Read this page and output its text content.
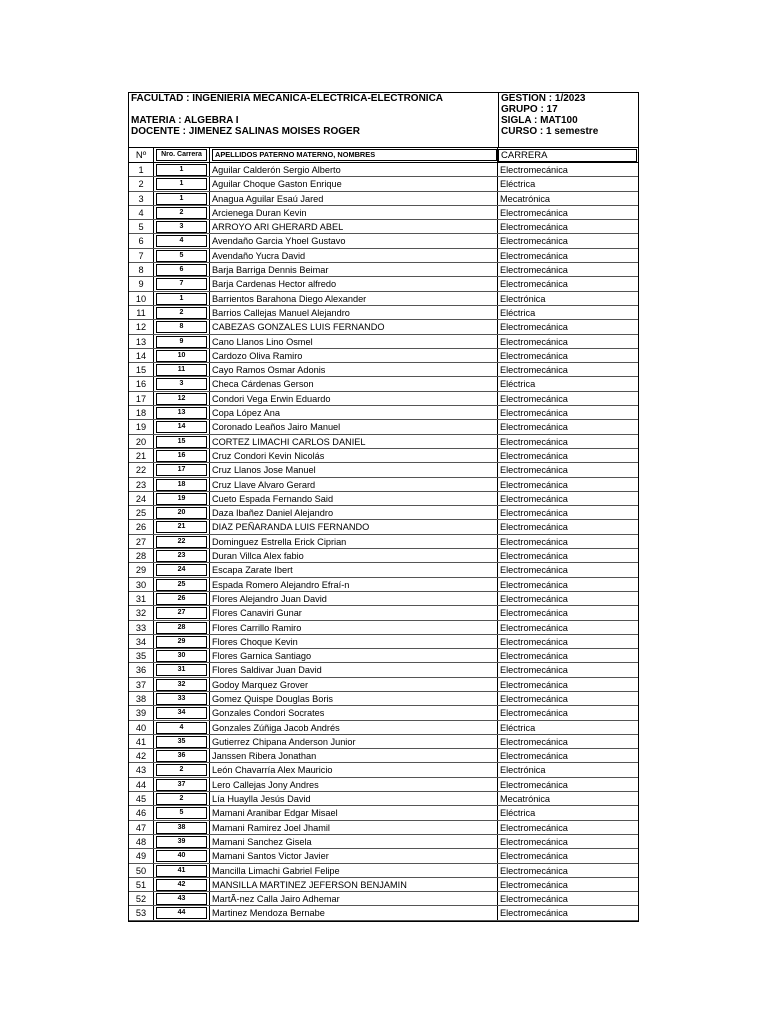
FACULTAD : INGENIERIA MECANICA-ELECTRICA-ELECTRONICA	GESTION : 1/2023
GRUPO : 17
MATERIA : ALGEBRA I	SIGLA : MAT100
DOCENTE : JIMENEZ SALINAS MOISES ROGER	CURSO : 1 semestre
Nº	Nro. Carrera	APELLIDOS PATERNO MATERNO, NOMBRES	CARRERA
1	1	Aguilar Calderón Sergio Alberto	Electromecánica
2	1	Aguilar Choque Gaston Enrique	Eléctrica
3	1	Anagua Aguilar Esaú Jared	Mecatrónica
4	2	Arcienega Duran Kevin	Electromecánica
5	3	ARROYO ARI GHERARD ABEL	Electromecánica
6	4	Avendaño Garcia Yhoel Gustavo	Electromecánica
7	5	Avendaño Yucra David	Electromecánica
8	6	Barja Barriga Dennis Beimar	Electromecánica
9	7	Barja Cardenas Hector alfredo	Electromecánica
10	1	Barrientos Barahona Diego Alexander	Electrónica
11	2	Barrios Callejas Manuel Alejandro	Eléctrica
12	8	CABEZAS GONZALES LUIS FERNANDO	Electromecánica
13	9	Cano Llanos Lino Osmel	Electromecánica
14	10	Cardozo Oliva Ramiro	Electromecánica
15	11	Cayo Ramos Osmar Adonis	Electromecánica
16	3	Checa Cárdenas Gerson	Eléctrica
17	12	Condori Vega Erwin Eduardo	Electromecánica
18	13	Copa López Ana	Electromecánica
19	14	Coronado Leaños Jairo Manuel	Electromecánica
20	15	CORTEZ LIMACHI CARLOS DANIEL	Electromecánica
21	16	Cruz Condori Kevin Nicolás	Electromecánica
22	17	Cruz Llanos Jose Manuel	Electromecánica
23	18	Cruz Llave Alvaro Gerard	Electromecánica
24	19	Cueto Espada Fernando Said	Electromecánica
25	20	Daza Ibañez Daniel Alejandro	Electromecánica
26	21	DIAZ PEÑARANDA LUIS FERNANDO	Electromecánica
27	22	Dominguez Estrella Erick Ciprian	Electromecánica
28	23	Duran Villca Alex fabio	Electromecánica
29	24	Escapa Zarate Ibert	Electromecánica
30	25	Espada Romero Alejandro Efraí-n	Electromecánica
31	26	Flores Alejandro Juan David	Electromecánica
32	27	Flores Canaviri Gunar	Electromecánica
33	28	Flores Carrillo Ramiro	Electromecánica
34	29	Flores Choque Kevin	Electromecánica
35	30	Flores Garnica Santiago	Electromecánica
36	31	Flores Saldivar Juan David	Electromecánica
37	32	Godoy Marquez Grover	Electromecánica
38	33	Gomez Quispe Douglas Boris	Electromecánica
39	34	Gonzales Condori Socrates	Electromecánica
40	4	Gonzales Zúñiga Jacob Andrés	Eléctrica
41	35	Gutierrez Chipana Anderson Junior	Electromecánica
42	36	Janssen Ribera Jonathan	Electromecánica
43	2	León Chavarría Alex Mauricio	Electrónica
44	37	Lero Callejas Jony Andres	Electromecánica
45	2	Lía Huaylla Jesús David	Mecatrónica
46	5	Mamani Aranibar Edgar Misael	Eléctrica
47	38	Mamani Ramirez Joel Jhamil	Electromecánica
48	39	Mamani Sanchez Gisela	Electromecánica
49	40	Mamani Santos Victor Javier	Electromecánica
50	41	Mancilla Limachi Gabriel Felipe	Electromecánica
51	42	MANSILLA MARTINEZ JEFERSON BENJAMIN	Electromecánica
52	43	MartÃ-nez Calla Jairo Adhemar	Electromecánica
53	44	Martinez Mendoza Bernabe	Electromecánica
